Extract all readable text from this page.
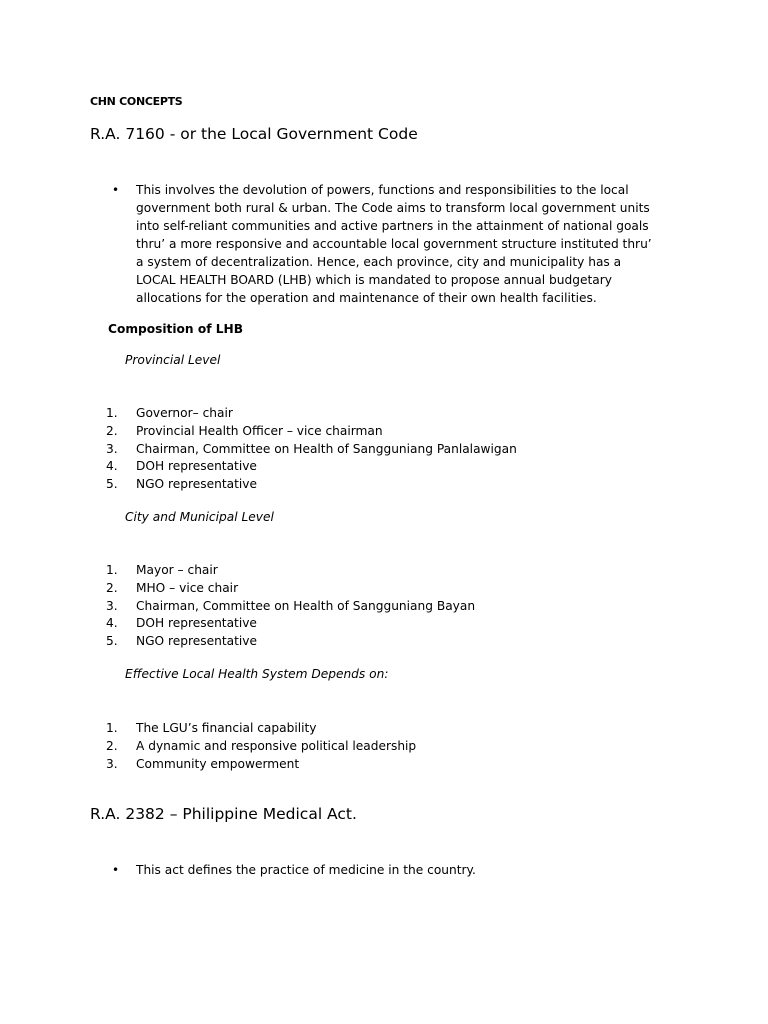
CHN CONCEPTS
R.A. 7160 - or the Local Government Code
•	This involves the devolution of powers, functions and responsibilities to the local government both rural & urban. The Code aims to transform local government units into self-reliant communities and active partners in the attainment of national goals thru’ a more responsive and accountable local government structure instituted thru’ a system of decentralization. Hence, each province, city and municipality has a LOCAL HEALTH BOARD (LHB) which is mandated to propose annual budgetary allocations for the operation and maintenance of their own health facilities.
Composition of LHB
Provincial Level
1. Governor– chair
2. Provincial Health Officer – vice chairman
3. Chairman, Committee on Health of Sangguniang Panlalawigan
4. DOH representative
5. NGO representative
City and Municipal Level
1. Mayor – chair
2. MHO – vice chair
3. Chairman, Committee on Health of Sangguniang Bayan
4. DOH representative
5. NGO representative
Effective Local Health System Depends on:
1. The LGU’s financial capability
2. A dynamic and responsive political leadership
3. Community empowerment
R.A. 2382 – Philippine Medical Act.
•	This act defines the practice of medicine in the country.
